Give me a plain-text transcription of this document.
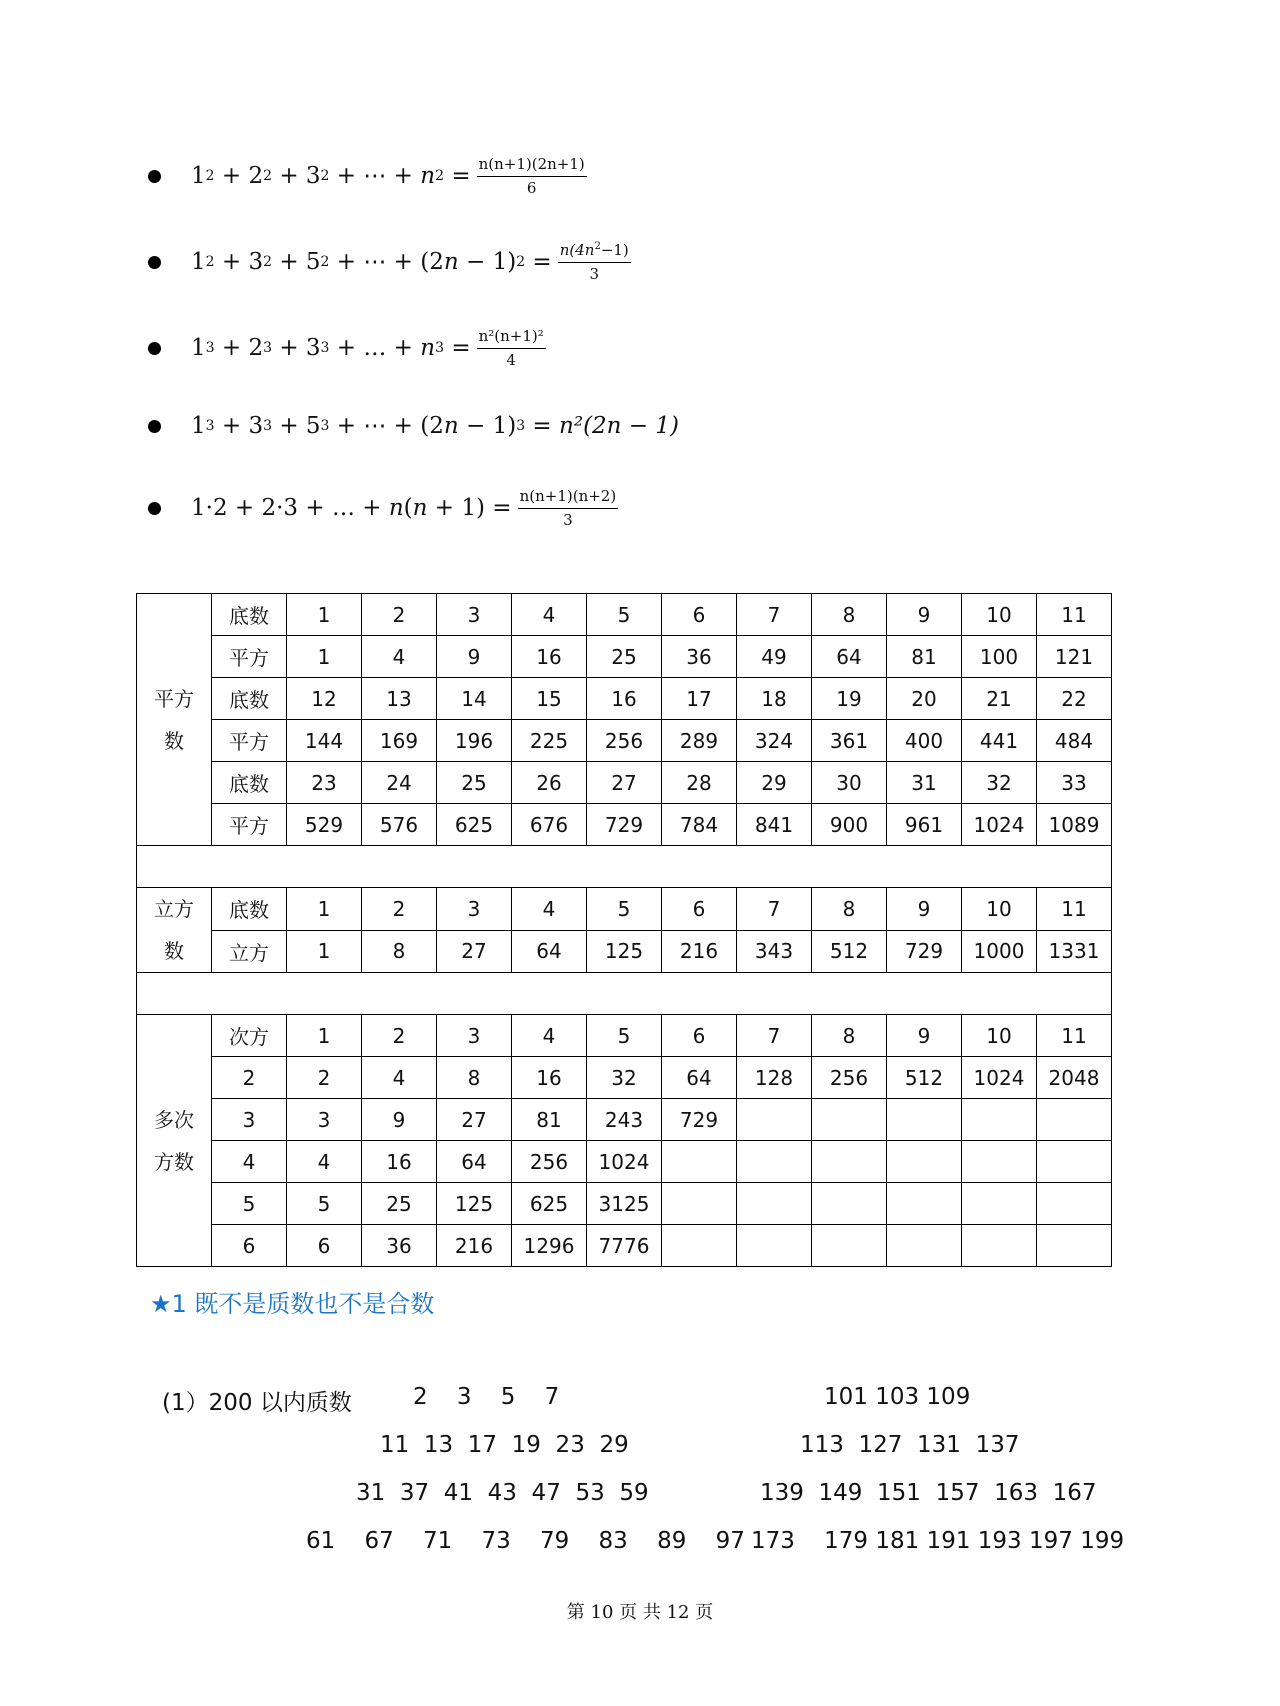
1 2 + 2 2 + 3 2 + ⋯ + n $2 = \frac{n(n+1)(2n+1)}{6}$
1 2 + 3 2 + 5 2 + ⋯ + (2 n − 1) $2 = \frac{n(4n^2-1)}{3}$
1 3 + 2 3 + 3 3 + … + n $3 = \frac{\text{n²(n+1)²}}{4}$
1 3 + 3 3 + 5 3 + ⋯ + (2 n − 1) 3 = n²(2n − 1)
1·2 + 2·3 + … + n ( $n + 1) = \frac{n(n+1)(n+2)}{3}$
平方
数	底数	1	2	3	4	5	6	7	8	9	10	11
	平方	1	4	9	16	25	36	49	64	81	100	121
	底数	12	13	14	15	16	17	18	19	20	21	22
	平方	144	169	196	225	256	289	324	361	400	441	484
	底数	23	24	25	26	27	28	29	30	31	32	33
	平方	529	576	625	676	729	784	841	900	961	1024	1089

立方
数	底数	1	2	3	4	5	6	7	8	9	10	11
	立方	1	8	27	64	125	216	343	512	729	1000	1331

多次
方数	次方	1	2	3	4	5	6	7	8	9	10	11
	2	2	4	8	16	32	64	128	256	512	1024	2048
	3	3	9	27	81	243	729					
	4	4	16	64	256	1024						
	5	5	25	125	625	3125						
	6	6	36	216	1296	7776						
★1 既不是质数也不是合数
(1）200 以内质数	2    3    5    7	101 103 109
11  13  17  19  23  29	113  127  131  137
31  37  41  43  47  53  59	139  149  151  157  163  167
61    67    71    73    79    83    89    97 173    179 181 191 193 197 199
第 10 页 共 12 页
